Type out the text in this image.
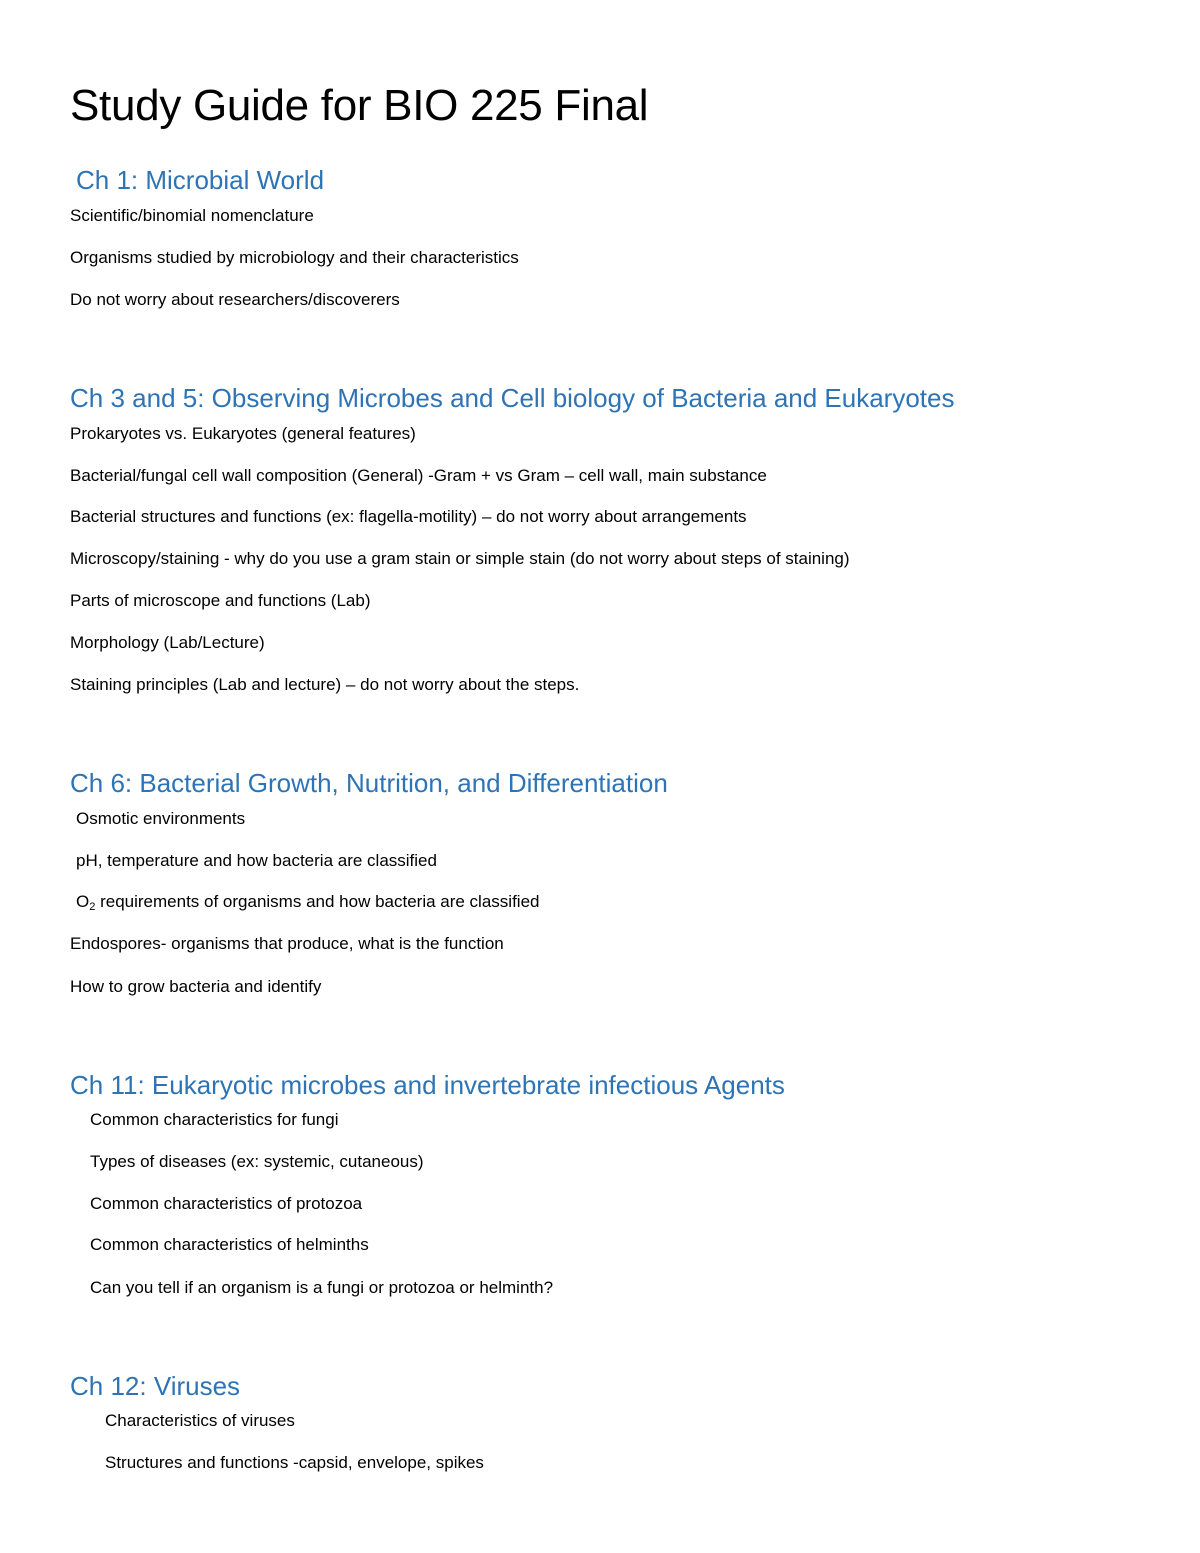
Study Guide for BIO 225 Final
Ch 1: Microbial World

Scientific/binomial nomenclature

Organisms studied by microbiology and their characteristics

Do not worry about researchers/discoverers

Ch 3 and 5: Observing Microbes and Cell biology of Bacteria and Eukaryotes

Prokaryotes vs. Eukaryotes (general features)

Bacterial/fungal cell wall composition (General) -Gram + vs Gram – cell wall, main substance

Bacterial structures and functions (ex: flagella-motility) – do not worry about arrangements

Microscopy/staining - why do you use a gram stain or simple stain (do not worry about steps of staining)

Parts of microscope and functions (Lab)

Morphology (Lab/Lecture)

Staining principles (Lab and lecture) – do not worry about the steps.

Ch 6: Bacterial Growth, Nutrition, and Differentiation

Osmotic environments

pH, temperature and how bacteria are classified

$O_2$ requirements of organisms and how bacteria are classified

Endospores- organisms that produce, what is the function

How to grow bacteria and identify

Ch 11: Eukaryotic microbes and invertebrate infectious Agents

Common characteristics for fungi

Types of diseases (ex: systemic, cutaneous)

Common characteristics of protozoa

Common characteristics of helminths

Can you tell if an organism is a fungi or protozoa or helminth?

Ch 12: Viruses

Characteristics of viruses

Structures and functions -capsid, envelope, spikes
